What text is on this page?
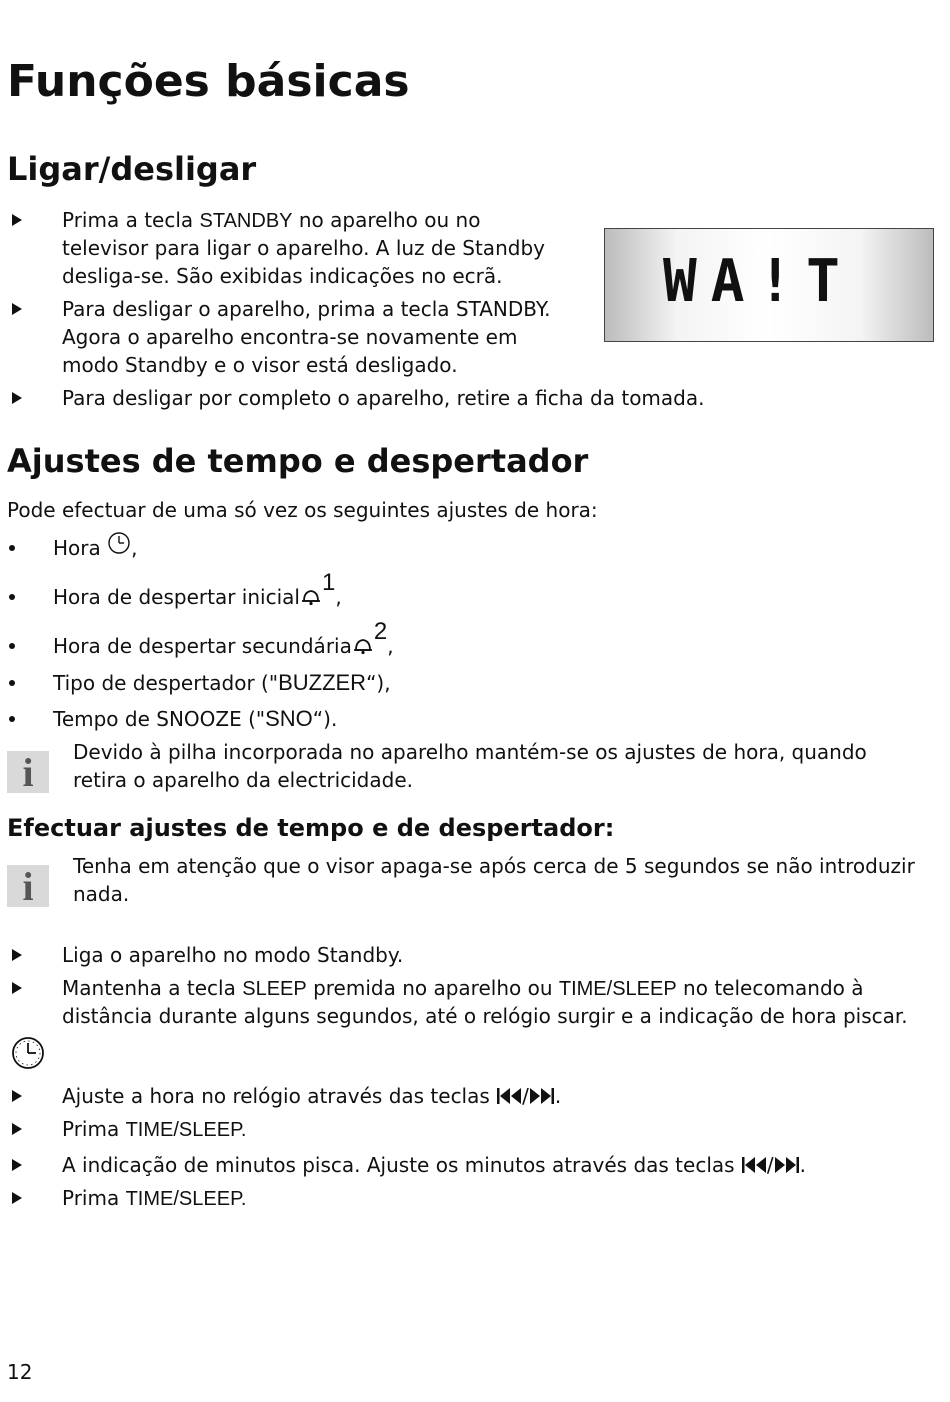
Funções básicas
Ligar/desligar
Prima a tecla STANDBY no aparelho ou no
televisor para ligar o aparelho. A luz de Standby
desliga-se. São exibidas indicações no ecrã.
Para desligar o aparelho, prima a tecla STANDBY.
Agora o aparelho encontra-se novamente em
modo Standby e o visor está desligado.
Para desligar por completo o aparelho, retire a ficha da tomada.
WA!T
Ajustes de tempo e despertador
Pode efectuar de uma só vez os seguintes ajustes de hora:
Hora ,
Hora de despertar inicial1,
Hora de despertar secundária2,
Tipo de despertador ("BUZZER“),
Tempo de SNOOZE ("SNO“).
i	Devido à pilha incorporada no aparelho mantém-se os ajustes de hora, quando
retira o aparelho da electricidade.
Efectuar ajustes de tempo e de despertador:
i	Tenha em atenção que o visor apaga-se após cerca de 5 segundos se não introduzir
nada.
Liga o aparelho no modo Standby.
Mantenha a tecla SLEEP premida no aparelho ou TIME/SLEEP no telecomando à
distância durante alguns segundos, até o relógio surgir e a indicação de hora piscar.
Ajuste a hora no relógio através das teclas / .
Prima TIME/SLEEP.
A indicação de minutos pisca. Ajuste os minutos através das teclas / .
Prima TIME/SLEEP.
12
